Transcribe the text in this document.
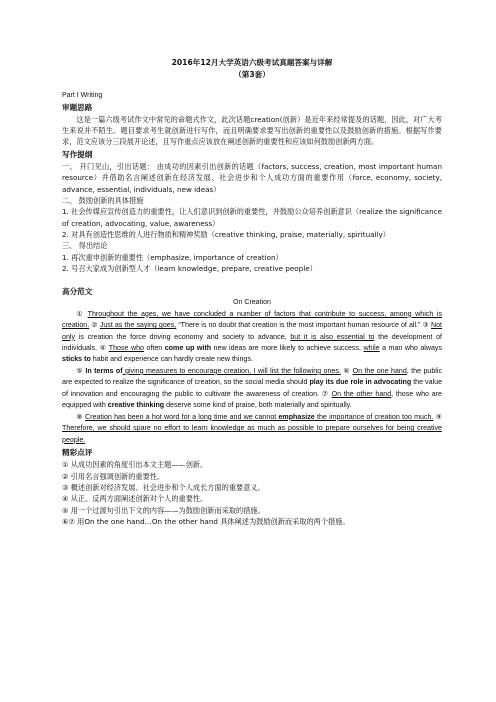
2016年12月大学英语六级考试真题答案与详解
（第3套）

Part I Writing

审题思路

这是一篇六级考试作文中常见的命题式作文，此次话题creation(创新）是近年来经常提及的话题，因此，对广大考生来说并不陌生。题目要求考生就创新进行写作，而且明确要求要写出创新的重要性以及鼓励创新的措施。根据写作要求，范文应该分三段展开论述，且写作重点应该放在阐述创新的重要性和应该如何鼓励创新两方面。

写作提纲

一、 开门见山，引出话题： 由成功的因素引出创新的话题（factors, success, creation, most important human resource）并借助名言阐述创新在经济发展、社会进步和个人成功方面的重要作用（force, economy, society, advance, essential, individuals, new ideas）

二、 鼓励创新的具体措施

1. 社会传媒应宣传创造力的重要性，让人们意识到创新的重要性，并鼓励公众培养创新意识（realize the significance of creation, advocating, value, awareness）

2. 对具有创造性思维的人进行物质和精神奖励（creative thinking, praise, materially, spiritually）

三、 得出结论

1. 再次重申创新的重要性（emphasize, importance of creation）

2. 号召大家成为创新型人才（learn knowledge, prepare, creative people）

高分范文

On Creation

① Throughout the ages, we have concluded a number of factors that contribute to success, among which is creation. ② Just as the saying goes, “There is no doubt that creation is the most important human resource of all.” ③ Not only is creation the force driving economy and society to advance, but it is also essential to the development of individuals. ④ Those who often come up with new ideas are more likely to achieve success, while a man who always sticks to habit and experience can hardly create new things.

⑤ In terms of giving measures to encourage creation, I will list the following ones. ⑥ On the one hand, the public are expected to realize the significance of creation, so the social media should play its due role in advocating the value of innovation and encouraging the public to cultivate the awareness of creation. ⑦ On the other hand, those who are equipped with creative thinking deserve some kind of praise, both materially and spiritually.

⑧ Creation has been a hot word for a long time and we cannot emphasize the importance of creation too much. ⑨ Therefore, we should spare no effort to learn knowledge as much as possible to prepare ourselves for being creative people.

精彩点评

① 从成功因素的角度引出本文主题——创新。

② 引用名言强调创新的重要性。

③ 概述创新对经济发展、社会进步和个人成长方面的重要意义。

④ 从正、反两方面阐述创新对个人的重要性。

⑤ 用一个过渡句引出下文的内容——为鼓励创新而采取的措施。

⑥⑦ 用On the one hand…On the other hand 具体阐述为鼓励创新而采取的两个措施。
